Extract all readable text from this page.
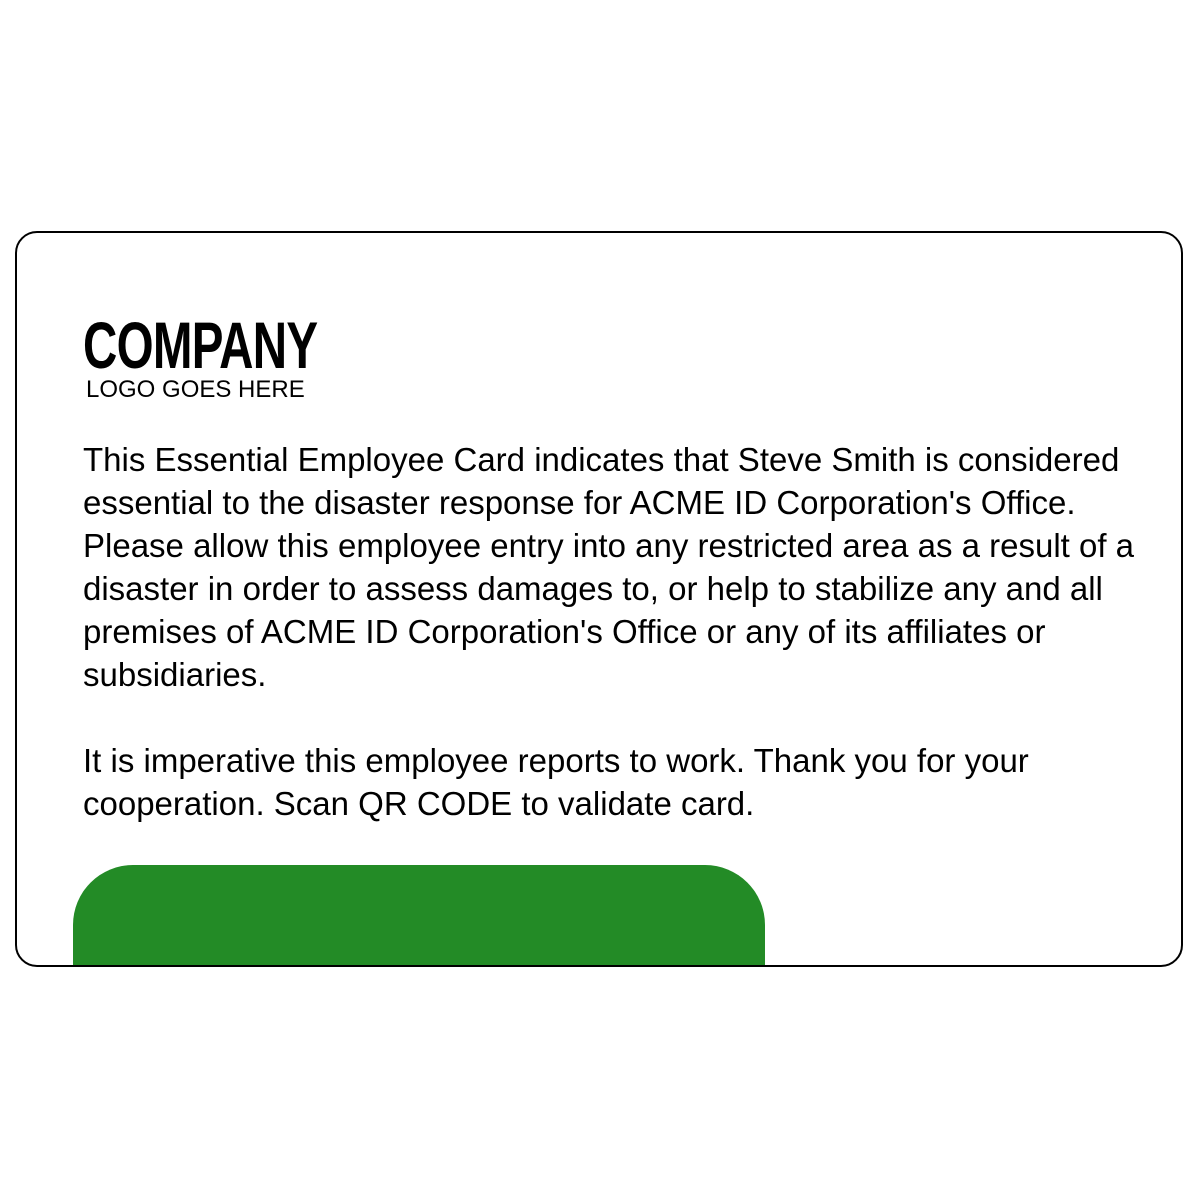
COMPANY
LOGO GOES HERE

This Essential Employee Card indicates that Steve Smith is considered essential to the disaster response for ACME ID Corporation's Office. Please allow this employee entry into any restricted area as a result of a disaster in order to assess damages to, or help to stabilize any and all premises of ACME ID Corporation's Office or any of its affiliates or subsidiaries.

It is imperative this employee reports to work. Thank you for your cooperation. Scan QR CODE to validate card.
